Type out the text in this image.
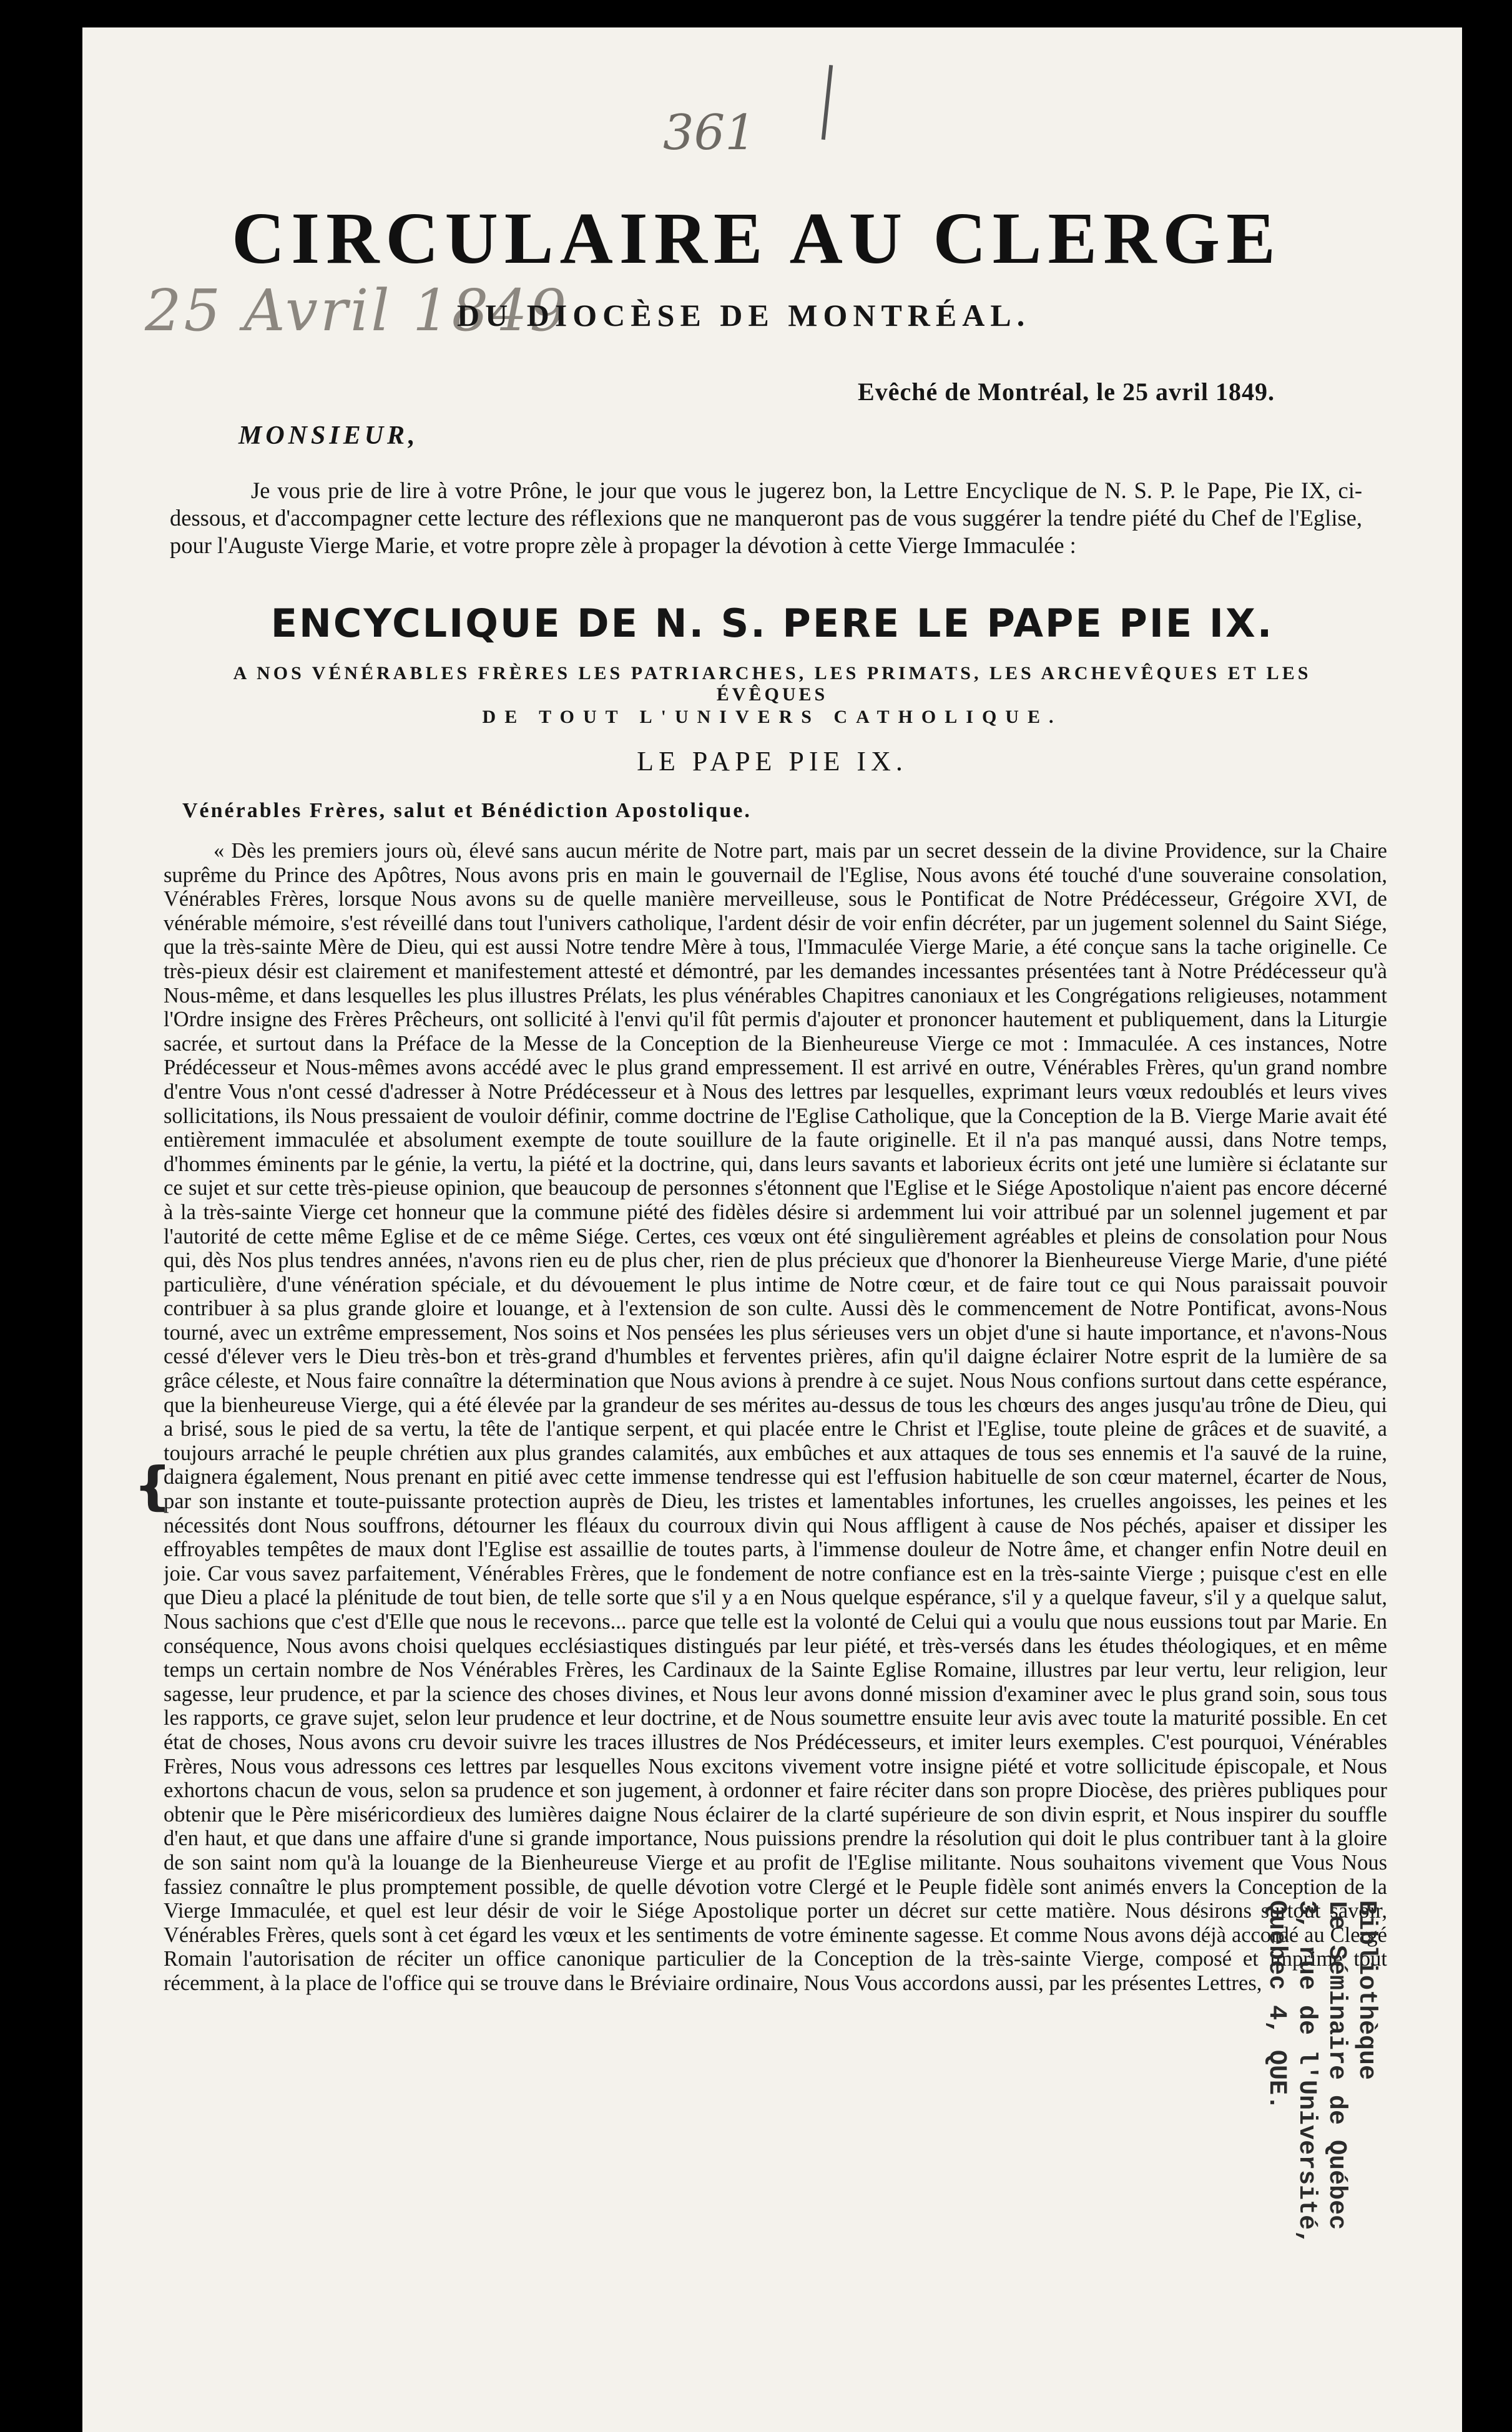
361
25 Avril 1849
CIRCULAIRE AU CLERGE
DU DIOCÈSE DE MONTRÉAL.
Evêché de Montréal, le 25 avril 1849.
MONSIEUR,

Je vous prie de lire à votre Prône, le jour que vous le jugerez bon, la Lettre Encyclique de N. S. P. le Pape, Pie IX, ci-dessous, et d'accompagner cette lecture des réflexions que ne manqueront pas de vous suggérer la tendre piété du Chef de l'Eglise, pour l'Auguste Vierge Marie, et votre propre zèle à propager la dévotion à cette Vierge Immaculée :

ENCYCLIQUE DE N. S. PERE LE PAPE PIE IX.
A NOS VÉNÉRABLES FRÈRES LES PATRIARCHES, LES PRIMATS, LES ARCHEVÊQUES ET LES ÉVÊQUES
DE TOUT L'UNIVERS CATHOLIQUE.
LE PAPE PIE IX.
Vénérables Frères, salut et Bénédiction Apostolique.
❴

« Dès les premiers jours où, élevé sans aucun mérite de Notre part, mais par un secret dessein de la divine Providence, sur la Chaire suprême du Prince des Apôtres, Nous avons pris en main le gouvernail de l'Eglise, Nous avons été touché d'une souveraine consolation, Vénérables Frères, lorsque Nous avons su de quelle manière merveilleuse, sous le Pontificat de Notre Prédécesseur, Grégoire XVI, de vénérable mémoire, s'est réveillé dans tout l'univers catholique, l'ardent désir de voir enfin décréter, par un jugement solennel du Saint Siége, que la très-sainte Mère de Dieu, qui est aussi Notre tendre Mère à tous, l'Immaculée Vierge Marie, a été conçue sans la tache originelle. Ce très-pieux désir est clairement et manifestement attesté et démontré, par les demandes incessantes présentées tant à Notre Prédécesseur qu'à Nous-même, et dans lesquelles les plus illustres Prélats, les plus vénérables Chapitres canoniaux et les Congrégations religieuses, notamment l'Ordre insigne des Frères Prêcheurs, ont sollicité à l'envi qu'il fût permis d'ajouter et prononcer hautement et publiquement, dans la Liturgie sacrée, et surtout dans la Préface de la Messe de la Conception de la Bienheureuse Vierge ce mot : Immaculée. A ces instances, Notre Prédécesseur et Nous-mêmes avons accédé avec le plus grand empressement. Il est arrivé en outre, Vénérables Frères, qu'un grand nombre d'entre Vous n'ont cessé d'adresser à Notre Prédécesseur et à Nous des lettres par lesquelles, exprimant leurs vœux redoublés et leurs vives sollicitations, ils Nous pressaient de vouloir définir, comme doctrine de l'Eglise Catholique, que la Conception de la B. Vierge Marie avait été entièrement immaculée et absolument exempte de toute souillure de la faute originelle. Et il n'a pas manqué aussi, dans Notre temps, d'hommes éminents par le génie, la vertu, la piété et la doctrine, qui, dans leurs savants et laborieux écrits ont jeté une lumière si éclatante sur ce sujet et sur cette très-pieuse opinion, que beaucoup de personnes s'étonnent que l'Eglise et le Siége Apostolique n'aient pas encore décerné à la très-sainte Vierge cet honneur que la commune piété des fidèles désire si ardemment lui voir attribué par un solennel jugement et par l'autorité de cette même Eglise et de ce même Siége. Certes, ces vœux ont été singulièrement agréables et pleins de consolation pour Nous qui, dès Nos plus tendres années, n'avons rien eu de plus cher, rien de plus précieux que d'honorer la Bienheureuse Vierge Marie, d'une piété particulière, d'une vénération spéciale, et du dévouement le plus intime de Notre cœur, et de faire tout ce qui Nous paraissait pouvoir contribuer à sa plus grande gloire et louange, et à l'extension de son culte. Aussi dès le commencement de Notre Pontificat, avons-Nous tourné, avec un extrême empressement, Nos soins et Nos pensées les plus sérieuses vers un objet d'une si haute importance, et n'avons-Nous cessé d'élever vers le Dieu très-bon et très-grand d'humbles et ferventes prières, afin qu'il daigne éclairer Notre esprit de la lumière de sa grâce céleste, et Nous faire connaître la détermination que Nous avions à prendre à ce sujet. Nous Nous confions surtout dans cette espérance, que la bienheureuse Vierge, qui a été élevée par la grandeur de ses mérites au-dessus de tous les chœurs des anges jusqu'au trône de Dieu, qui a brisé, sous le pied de sa vertu, la tête de l'antique serpent, et qui placée entre le Christ et l'Eglise, toute pleine de grâces et de suavité, a toujours arraché le peuple chrétien aux plus grandes calamités, aux embûches et aux attaques de tous ses ennemis et l'a sauvé de la ruine, daignera également, Nous prenant en pitié avec cette immense tendresse qui est l'effusion habituelle de son cœur maternel, écarter de Nous, par son instante et toute-puissante protection auprès de Dieu, les tristes et lamentables infortunes, les cruelles angoisses, les peines et les nécessités dont Nous souffrons, détourner les fléaux du courroux divin qui Nous affligent à cause de Nos péchés, apaiser et dissiper les effroyables tempêtes de maux dont l'Eglise est assaillie de toutes parts, à l'immense douleur de Notre âme, et changer enfin Notre deuil en joie. Car vous savez parfaitement, Vénérables Frères, que le fondement de notre confiance est en la très-sainte Vierge ; puisque c'est en elle que Dieu a placé la plénitude de tout bien, de telle sorte que s'il y a en Nous quelque espérance, s'il y a quelque faveur, s'il y a quelque salut, Nous sachions que c'est d'Elle que nous le recevons... parce que telle est la volonté de Celui qui a voulu que nous eussions tout par Marie. En conséquence, Nous avons choisi quelques ecclésiastiques distingués par leur piété, et très-versés dans les études théologiques, et en même temps un certain nombre de Nos Vénérables Frères, les Cardinaux de la Sainte Eglise Romaine, illustres par leur vertu, leur religion, leur sagesse, leur prudence, et par la science des choses divines, et Nous leur avons donné mission d'examiner avec le plus grand soin, sous tous les rapports, ce grave sujet, selon leur prudence et leur doctrine, et de Nous soumettre ensuite leur avis avec toute la maturité possible. En cet état de choses, Nous avons cru devoir suivre les traces illustres de Nos Prédécesseurs, et imiter leurs exemples. C'est pourquoi, Vénérables Frères, Nous vous adressons ces lettres par lesquelles Nous excitons vivement votre insigne piété et votre sollicitude épiscopale, et Nous exhortons chacun de vous, selon sa prudence et son jugement, à ordonner et faire réciter dans son propre Diocèse, des prières publiques pour obtenir que le Père miséricordieux des lumières daigne Nous éclairer de la clarté supérieure de son divin esprit, et Nous inspirer du souffle d'en haut, et que dans une affaire d'une si grande importance, Nous puissions prendre la résolution qui doit le plus contribuer tant à la gloire de son saint nom qu'à la louange de la Bienheureuse Vierge et au profit de l'Eglise militante. Nous souhaitons vivement que Vous Nous fassiez connaître le plus promptement possible, de quelle dévotion votre Clergé et le Peuple fidèle sont animés envers la Conception de la Vierge Immaculée, et quel est leur désir de voir le Siége Apostolique porter un décret sur cette matière. Nous désirons surtout savoir, Vénérables Frères, quels sont à cet égard les vœux et les sentiments de votre éminente sagesse. Et comme Nous avons déjà accordé au Clergé Romain l'autorisation de réciter un office canonique particulier de la Conception de la très-sainte Vierge, composé et imprimé tout récemment, à la place de l'office qui se trouve dans le Bréviaire ordinaire, Nous Vous accordons aussi, par les présentes Lettres,	Bibliothèque
Le Séminaire de Québec
3, rue de l'Université,
Québec 4, QUE.
